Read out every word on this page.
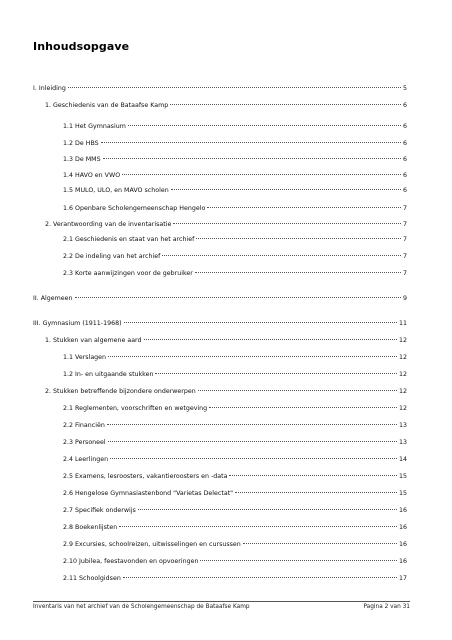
Inhoudsopgave
I. Inleiding	5
1. Geschiedenis van de Bataafse Kamp	6
1.1 Het Gymnasium	6
1.2 De HBS	6
1.3 De MMS	6
1.4 HAVO en VWO	6
1.5 MULO, ULO, en MAVO scholen	6
1.6 Openbare Scholengemeenschap Hengelo	7
2. Verantwoording van de inventarisatie	7
2.1 Geschiedenis en staat van het archief	7
2.2 De indeling van het archief	7
2.3 Korte aanwijzingen voor de gebruiker	7
II. Algemeen	9
III. Gymnasium (1911-1968)	11
1. Stukken van algemene aard	12
1.1 Verslagen	12
1.2 In- en uitgaande stukken	12
2. Stukken betreffende bijzondere onderwerpen	12
2.1 Reglementen, voorschriften en wetgeving	12
2.2 Financiën	13
2.3 Personeel	13
2.4 Leerlingen	14
2.5 Examens, lesroosters, vakantieroosters en -data	15
2.6 Hengelose Gymnasiastenbond "Varietas Delectat"	15
2.7 Specifiek onderwijs	16
2.8 Boekenlijsten	16
2.9 Excursies, schoolreizen, uitwisselingen en cursussen	16
2.10 Jubilea, feestavonden en opvoeringen	16
2.11 Schoolgidsen	17
Inventaris van het archief van de Scholengemeenschap de Bataafse Kamp	Pagina 2 van 31
